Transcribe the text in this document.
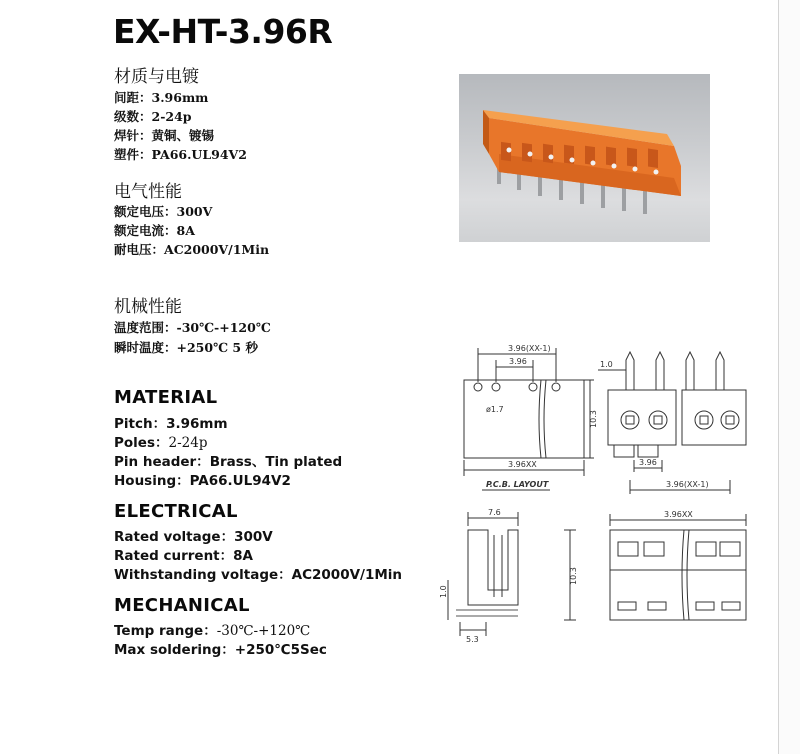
EX-HT-3.96R
材质与电镀
间距：3.96mm
级数：2-24p
焊针：黄铜、镀锡
塑件：PA66.UL94V2
电气性能
额定电压：300V
额定电流：8A
耐电压：AC2000V/1Min
机械性能
温度范围：-30℃-+120℃
瞬时温度：+250℃ 5 秒
MATERIAL
Pitch：3.96mm
Poles：2-24p
Pin header：Brass、Tin plated
Housing：PA66.UL94V2
ELECTRICAL
Rated voltage：300V
Rated current：8A
Withstanding voltage：AC2000V/1Min
MECHANICAL
Temp range：-30℃-+120℃
Max soldering：+250℃5Sec
3.96(XX-1)
3.96
ø1.7
10.3
3.96XX
P.C.B. LAYOUT
1.0
3.96
3.96(XX-1)
7.6
10.3
1.0
5.3
3.96XX
